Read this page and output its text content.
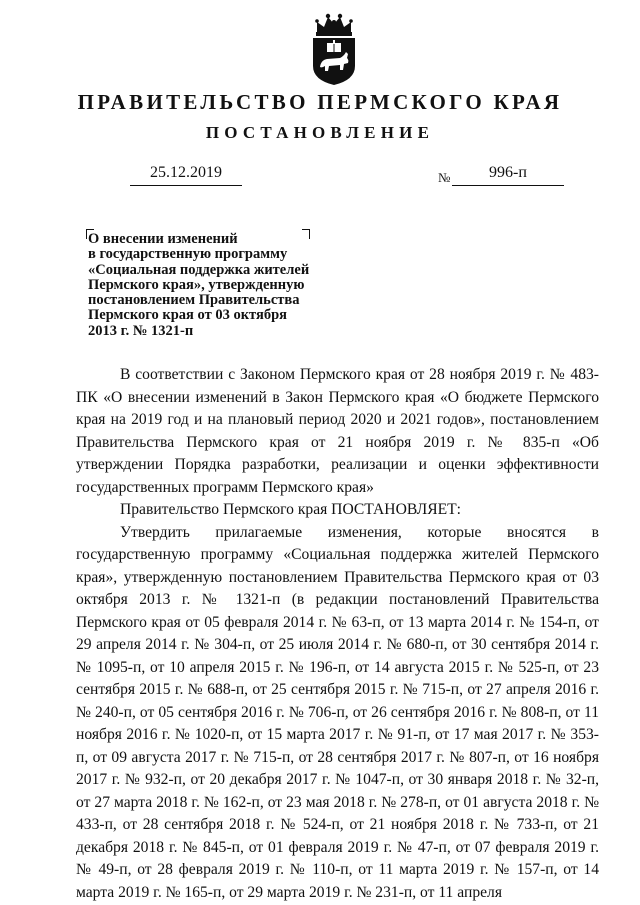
ПРАВИТЕЛЬСТВО ПЕРМСКОГО КРАЯ
ПОСТАНОВЛЕНИЕ
25.12.2019	№	996-п
О внесении изменений
в государственную программу
«Социальная поддержка жителей
Пермского края», утвержденную
постановлением Правительства
Пермского края от 03 октября
2013 г. № 1321-п

В соответствии с Законом Пермского края от 28 ноября 2019 г. № 483-ПК «О внесении изменений в Закон Пермского края «О бюджете Пермского края на 2019 год и на плановый период 2020 и 2021 годов», постановлением Правительства Пермского края от 21 ноября 2019 г. № 835-п «Об утверждении Порядка разработки, реализации и оценки эффективности государственных программ Пермского края»

Правительство Пермского края ПОСТАНОВЛЯЕТ:

Утвердить прилагаемые изменения, которые вносятся в государственную программу «Социальная поддержка жителей Пермского края», утвержденную постановлением Правительства Пермского края от 03 октября 2013 г. № 1321-п (в редакции постановлений Правительства Пермского края от 05 февраля 2014 г. № 63-п, от 13 марта 2014 г. № 154-п, от 29 апреля 2014 г. № 304-п, от 25 июля 2014 г. № 680-п, от 30 сентября 2014 г. № 1095-п, от 10 апреля 2015 г. № 196-п, от 14 августа 2015 г. № 525-п, от 23 сентября 2015 г. № 688-п, от 25 сентября 2015 г. № 715-п, от 27 апреля 2016 г. № 240-п, от 05 сентября 2016 г. № 706-п, от 26 сентября 2016 г. № 808-п, от 11 ноября 2016 г. № 1020-п, от 15 марта 2017 г. № 91-п, от 17 мая 2017 г. № 353-п, от 09 августа 2017 г. № 715-п, от 28 сентября 2017 г. № 807-п, от 16 ноября 2017 г. № 932-п, от 20 декабря 2017 г. № 1047-п, от 30 января 2018 г. № 32-п, от 27 марта 2018 г. № 162-п, от 23 мая 2018 г. № 278-п, от 01 августа 2018 г. № 433-п, от 28 сентября 2018 г. № 524-п, от 21 ноября 2018 г. № 733-п, от 21 декабря 2018 г. № 845-п, от 01 февраля 2019 г. № 47-п, от 07 февраля 2019 г. № 49-п, от 28 февраля 2019 г. № 110-п, от 11 марта 2019 г. № 157-п, от 14 марта 2019 г. № 165-п, от 29 марта 2019 г. № 231-п, от 11 апреля
